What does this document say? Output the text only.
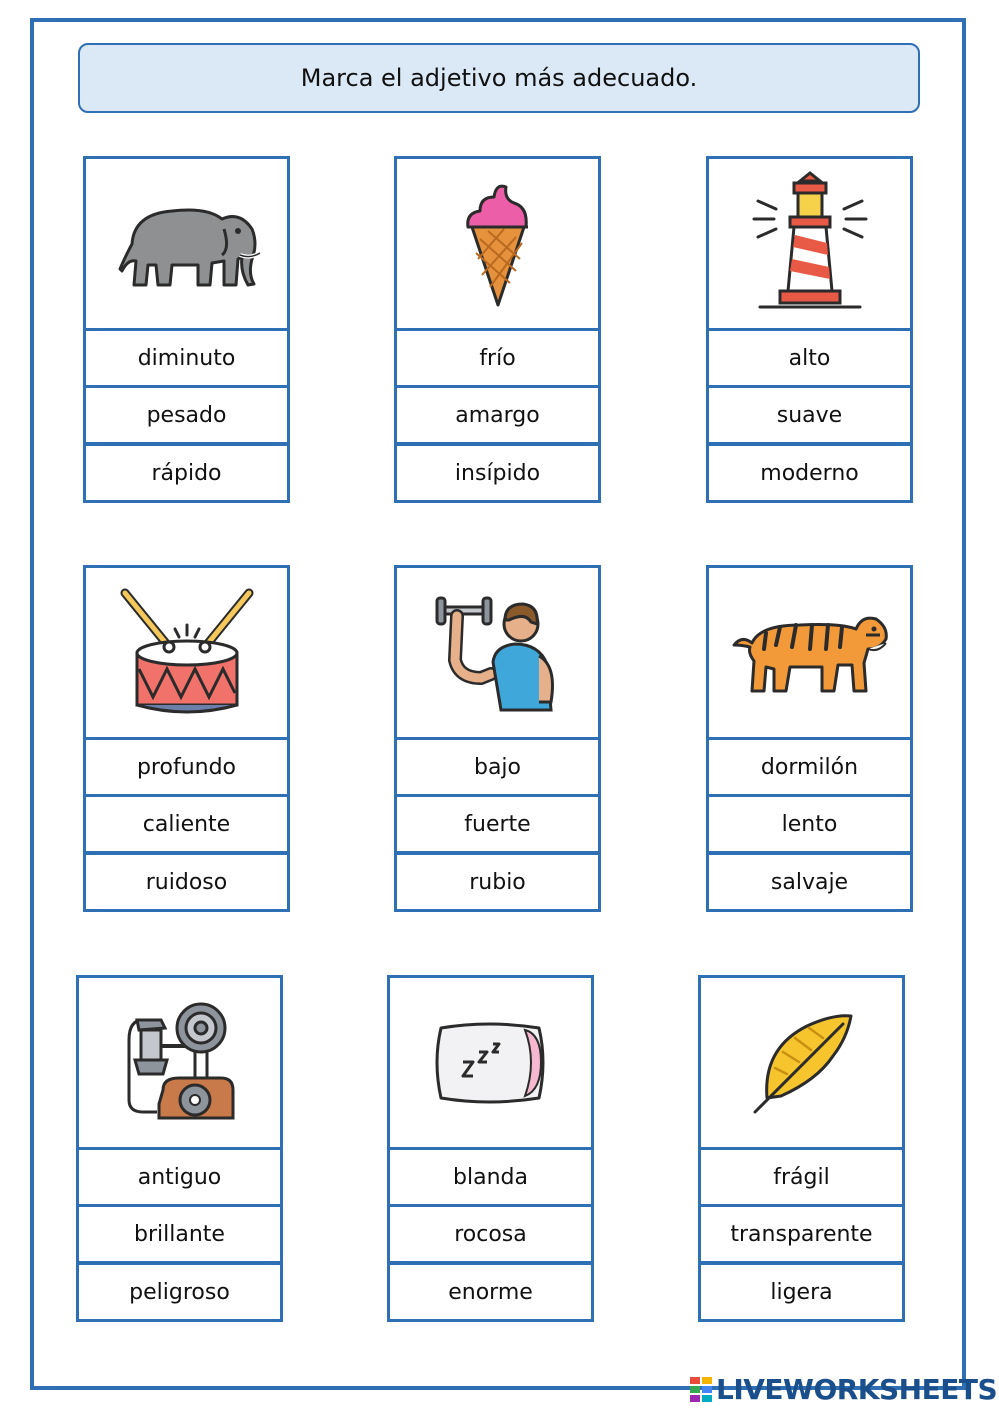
Marca el adjetivo más adecuado.
diminuto
pesado
rápido
frío
amargo
insípido
alto
suave
moderno
profundo
caliente
ruidoso
bajo
fuerte
rubio
dormilón
lento
salvaje
antiguo
brillante
peligroso
blanda
rocosa
enorme
frágil
transparente
ligera
LIVEWORKSHEETS
